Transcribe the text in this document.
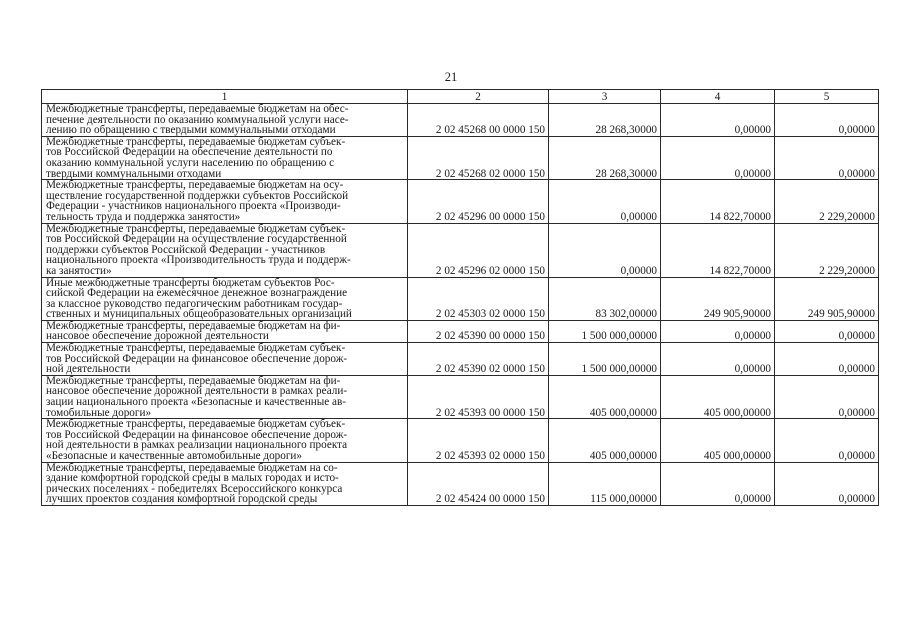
21
1	2	3	4	5
Межбюджетные трансферты, передаваемые бюджетам на обес-
печение деятельности по оказанию коммунальной услуги насе-
лению по обращению с твердыми коммунальными отходами	2 02 45268 00 0000 150	28 268,30000	0,00000	0,00000
Межбюджетные трансферты, передаваемые бюджетам субъек-
тов Российской Федерации на обеспечение деятельности по
оказанию коммунальной услуги населению по обращению с
твердыми коммунальными отходами	2 02 45268 02 0000 150	28 268,30000	0,00000	0,00000
Межбюджетные трансферты, передаваемые бюджетам на осу-
ществление государственной поддержки субъектов Российской
Федерации - участников национального проекта «Производи-
тельность труда и поддержка занятости»	2 02 45296 00 0000 150	0,00000	14 822,70000	2 229,20000
Межбюджетные трансферты, передаваемые бюджетам субъек-
тов Российской Федерации на осуществление государственной
поддержки субъектов Российской Федерации - участников
национального проекта «Производительность труда и поддерж-
ка занятости»	2 02 45296 02 0000 150	0,00000	14 822,70000	2 229,20000
Иные межбюджетные трансферты бюджетам субъектов Рос-
сийской Федерации на ежемесячное денежное вознаграждение
за классное руководство педагогическим работникам государ-
ственных и муниципальных общеобразовательных организаций	2 02 45303 02 0000 150	83 302,00000	249 905,90000	249 905,90000
Межбюджетные трансферты, передаваемые бюджетам на фи-
нансовое обеспечение дорожной деятельности	2 02 45390 00 0000 150	1 500 000,00000	0,00000	0,00000
Межбюджетные трансферты, передаваемые бюджетам субъек-
тов Российской Федерации на финансовое обеспечение дорож-
ной деятельности	2 02 45390 02 0000 150	1 500 000,00000	0,00000	0,00000
Межбюджетные трансферты, передаваемые бюджетам на фи-
нансовое обеспечение дорожной деятельности в рамках реали-
зации национального проекта «Безопасные и качественные ав-
томобильные дороги»	2 02 45393 00 0000 150	405 000,00000	405 000,00000	0,00000
Межбюджетные трансферты, передаваемые бюджетам субъек-
тов Российской Федерации на финансовое обеспечение дорож-
ной деятельности в рамках реализации национального проекта
«Безопасные и качественные автомобильные дороги»	2 02 45393 02 0000 150	405 000,00000	405 000,00000	0,00000
Межбюджетные трансферты, передаваемые бюджетам на со-
здание комфортной городской среды в малых городах и исто-
рических поселениях - победителях Всероссийского конкурса
лучших проектов создания комфортной городской среды	2 02 45424 00 0000 150	115 000,00000	0,00000	0,00000
